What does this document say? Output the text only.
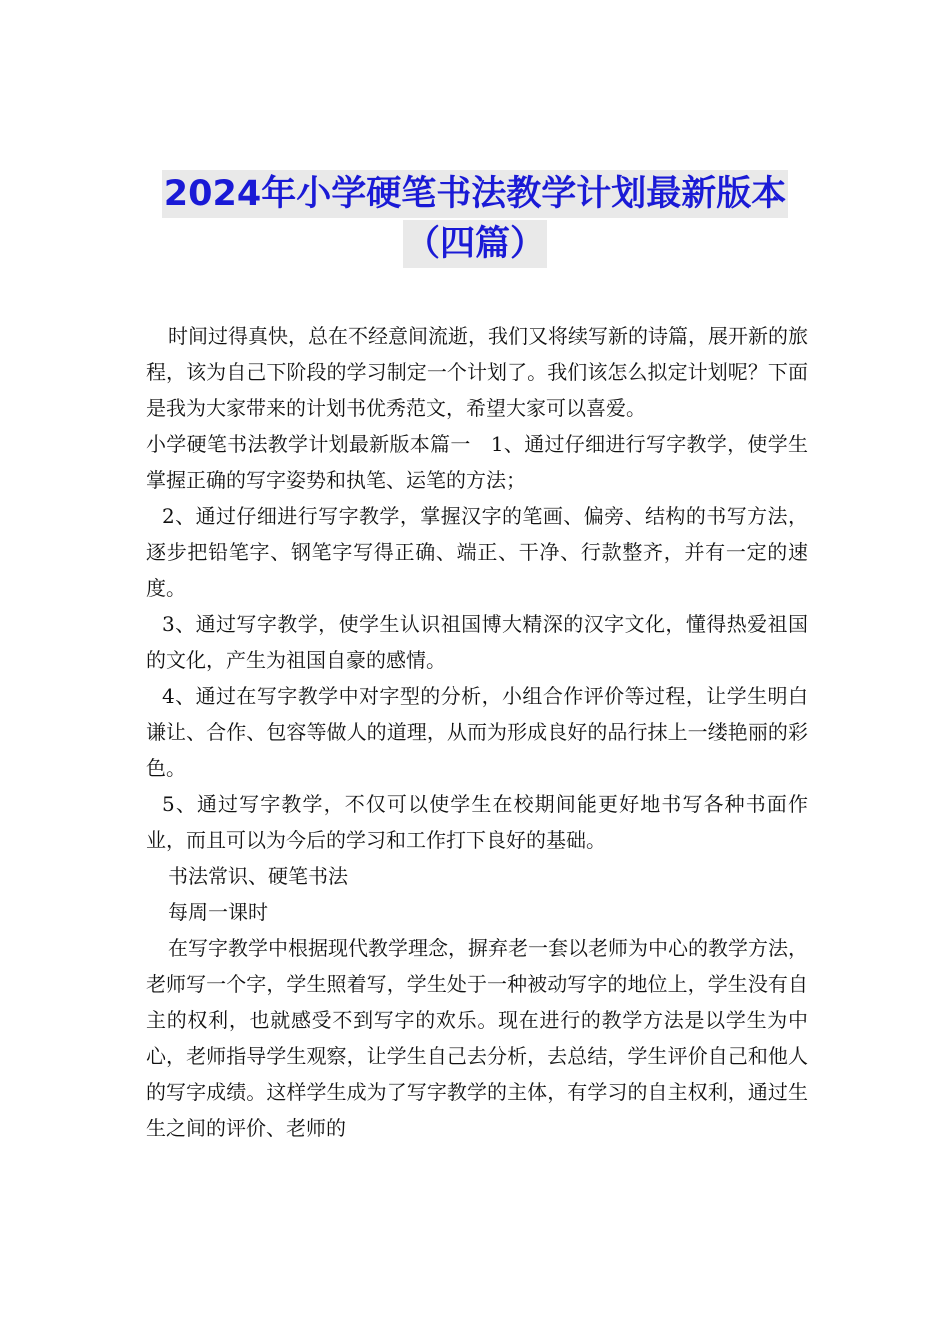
2024年小学硬笔书法教学计划最新版本
（四篇）

时间过得真快，总在不经意间流逝，我们又将续写新的诗篇，展开新的旅程，该为自己下阶段的学习制定一个计划了。我们该怎么拟定计划呢？下面是我为大家带来的计划书优秀范文，希望大家可以喜爱。

小学硬笔书法教学计划最新版本篇一　1、通过仔细进行写字教学，使学生掌握正确的写字姿势和执笔、运笔的方法；

2、通过仔细进行写字教学，掌握汉字的笔画、偏旁、结构的书写方法，逐步把铅笔字、钢笔字写得正确、端正、干净、行款整齐，并有一定的速度。

3、通过写字教学，使学生认识祖国博大精深的汉字文化，懂得热爱祖国的文化，产生为祖国自豪的感情。

4、通过在写字教学中对字型的分析，小组合作评价等过程，让学生明白谦让、合作、包容等做人的道理，从而为形成良好的品行抹上一缕艳丽的彩色。

5、通过写字教学，不仅可以使学生在校期间能更好地书写各种书面作业，而且可以为今后的学习和工作打下良好的基础。

书法常识、硬笔书法

每周一课时

在写字教学中根据现代教学理念，摒弃老一套以老师为中心的教学方法，老师写一个字，学生照着写，学生处于一种被动写字的地位上，学生没有自主的权利，也就感受不到写字的欢乐。现在进行的教学方法是以学生为中心，老师指导学生观察，让学生自己去分析，去总结，学生评价自己和他人的写字成绩。这样学生成为了写字教学的主体，有学习的自主权利，通过生生之间的评价、老师的
